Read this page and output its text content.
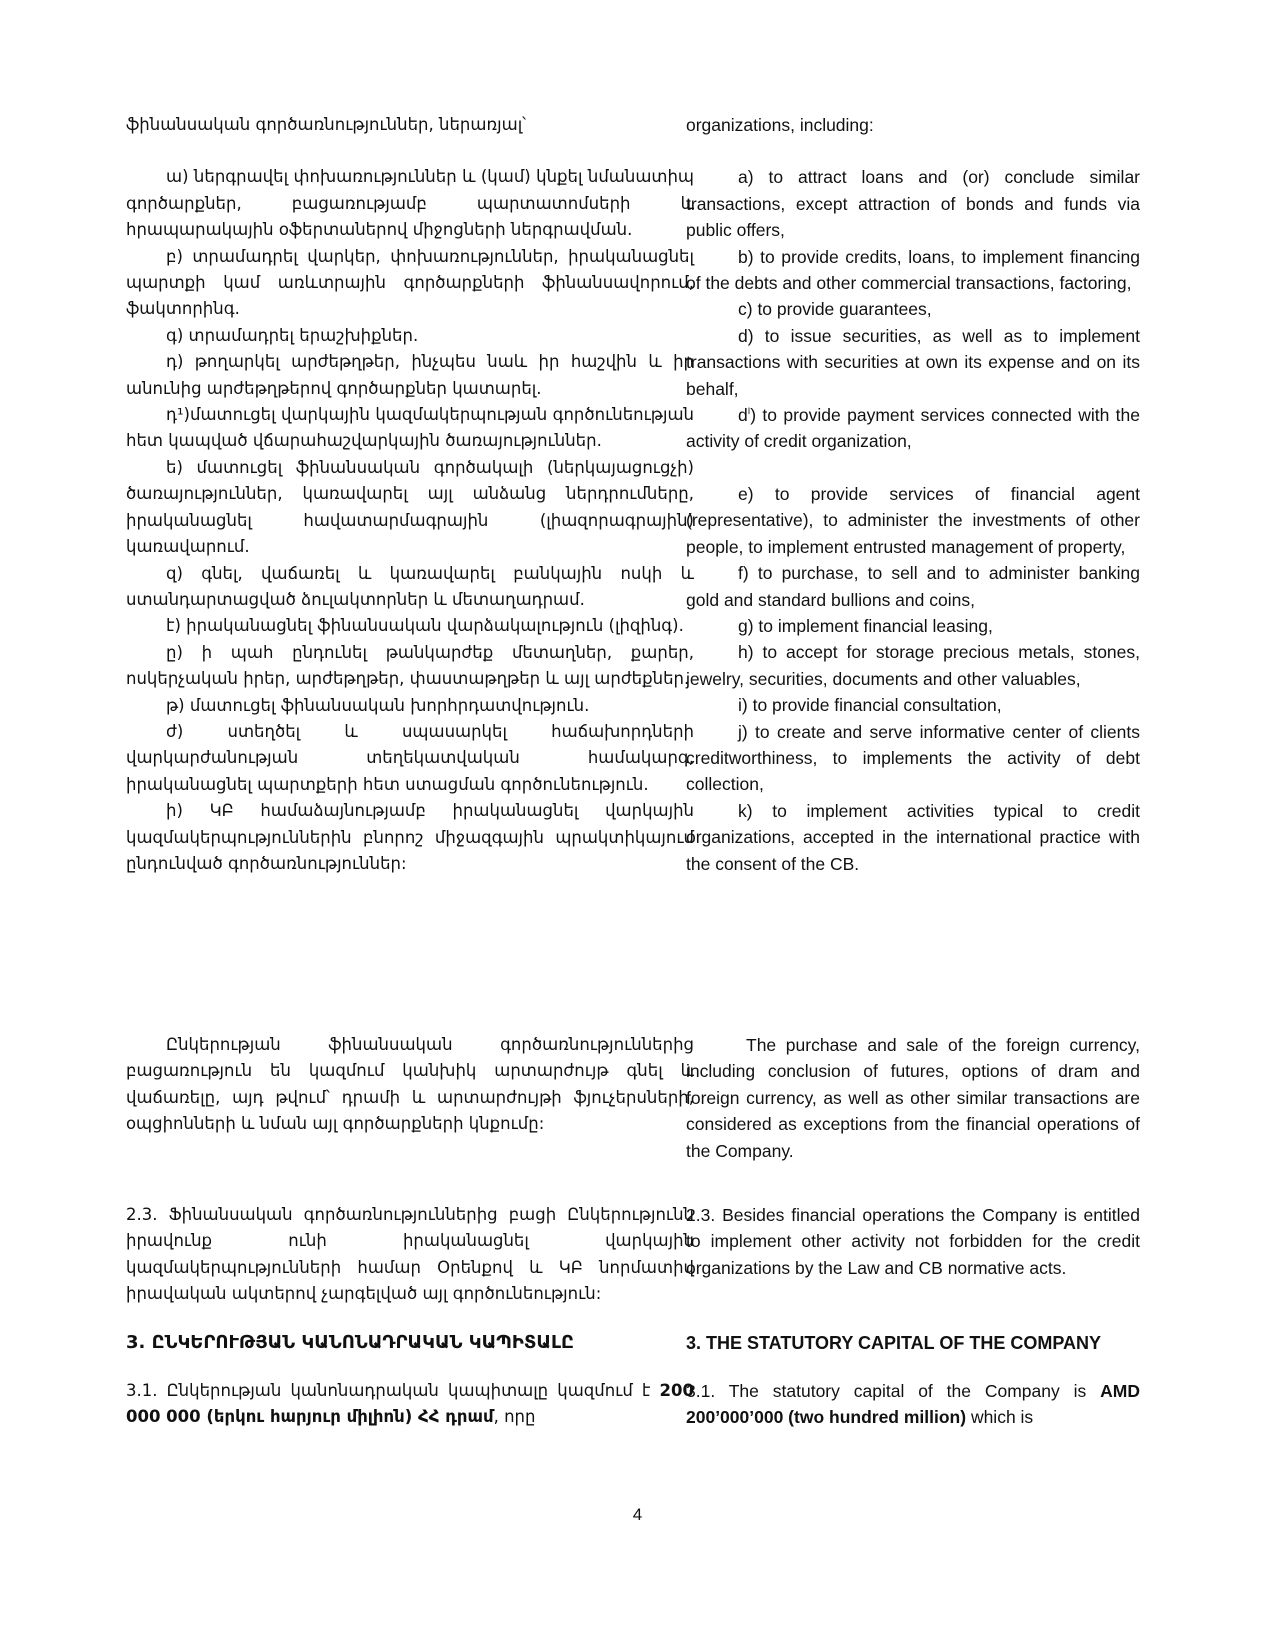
ֆինանսական գործառնություններ, ներառյալ՝

ա) ներգրավել փոխառություններ և (կամ) կնքել նմանատիպ գործարքներ, բացառությամբ պարտատոմսերի և հրապարակային օֆերտաներով միջոցների ներգրավման.

բ) տրամադրել վարկեր, փոխառություններ, իրականացնել պարտքի կամ առևտրային գործարքների ֆինանսավորում, ֆակտորինգ.

գ) տրամադրել երաշխիքներ.

դ) թողարկել արժեթղթեր, ինչպես նաև իր հաշվին և իր անունից արժեթղթերով գործարքներ կատարել.

դ¹)մատուցել վարկային կազմակերպության գործունեության հետ կապված վճարահաշվարկային ծառայություններ.

ե) մատուցել ֆինանսական գործակալի (ներկայացուցչի) ծառայություններ, կառավարել այլ անձանց ներդրումները, իրականացնել հավատարմագրային (լիազորագրային) կառավարում.

զ) գնել, վաճառել և կառավարել բանկային ոսկի և ստանդարտացված ձուլակտորներ և մետաղադրամ.

է) իրականացնել ֆինանսական վարձակալություն (լիզինգ).

ը) ի պահ ընդունել թանկարժեք մետաղներ, քարեր, ոսկերչական իրեր, արժեթղթեր, փաստաթղթեր և այլ արժեքներ.

թ) մատուցել ֆինանսական խորհրդատվություն.

ժ) ստեղծել և սպասարկել հաճախորդների վարկարժանության տեղեկատվական համակարգ, իրականացնել պարտքերի հետ ստացման գործունեություն.

ի) ԿԲ համաձայնությամբ իրականացնել վարկային կազմակերպություններին բնորոշ միջազգային պրակտիկայում ընդունված գործառնություններ:

Ընկերության ֆինանսական գործառնություններից բացառություն են կազմում կանխիկ արտարժույթ գնել և վաճառելը, այդ թվում՝ դրամի և արտարժույթի ֆյուչերսների, օպցիոնների և նման այլ գործարքների կնքումը:

2.3. Ֆինանսական գործառնություններից բացի Ընկերությունն իրավունք ունի իրականացնել վարկային կազմակերպությունների համար Օրենքով և ԿԲ նորմատիվ իրավական ակտերով չարգելված այլ գործունեություն:

3. ԸՆԿԵՐՈՒԹՅԱՆ ԿԱՆՈՆԱԴՐԱԿԱՆ ԿԱՊԻՏԱԼԸ

3.1. Ընկերության կանոնադրական կապիտալը կազմում է 200 000 000 (երկու հարյուր միլիոն) ՀՀ դրամ, որը

organizations, including:

a) to attract loans and (or) conclude similar transactions, except attraction of bonds and funds via public offers,

b) to provide credits, loans, to implement financing of the debts and other commercial transactions, factoring,

c) to provide guarantees,

d) to issue securities, as well as to implement transactions with securities at own its expense and on its behalf,

$d^I$) to provide payment services connected with the activity of credit organization,

e) to provide services of financial agent (representative), to administer the investments of other people, to implement entrusted management of property,

f) to purchase, to sell and to administer banking gold and standard bullions and coins,

g) to implement financial leasing,

h) to accept for storage precious metals, stones, jewelry, securities, documents and other valuables,

i) to provide financial consultation,

j) to create and serve informative center of clients creditworthiness, to implements the activity of debt collection,

k) to implement activities typical to credit organizations, accepted in the international practice with the consent of the CB.

The purchase and sale of the foreign currency, including conclusion of futures, options of dram and foreign currency, as well as other similar transactions are considered as exceptions from the financial operations of the Company.

2.3. Besides financial operations the Company is entitled to implement other activity not forbidden for the credit organizations by the Law and CB normative acts.

3. THE STATUTORY CAPITAL OF THE COMPANY

3.1. The statutory capital of the Company is AMD 200’000’000 (two hundred million) which is

4
